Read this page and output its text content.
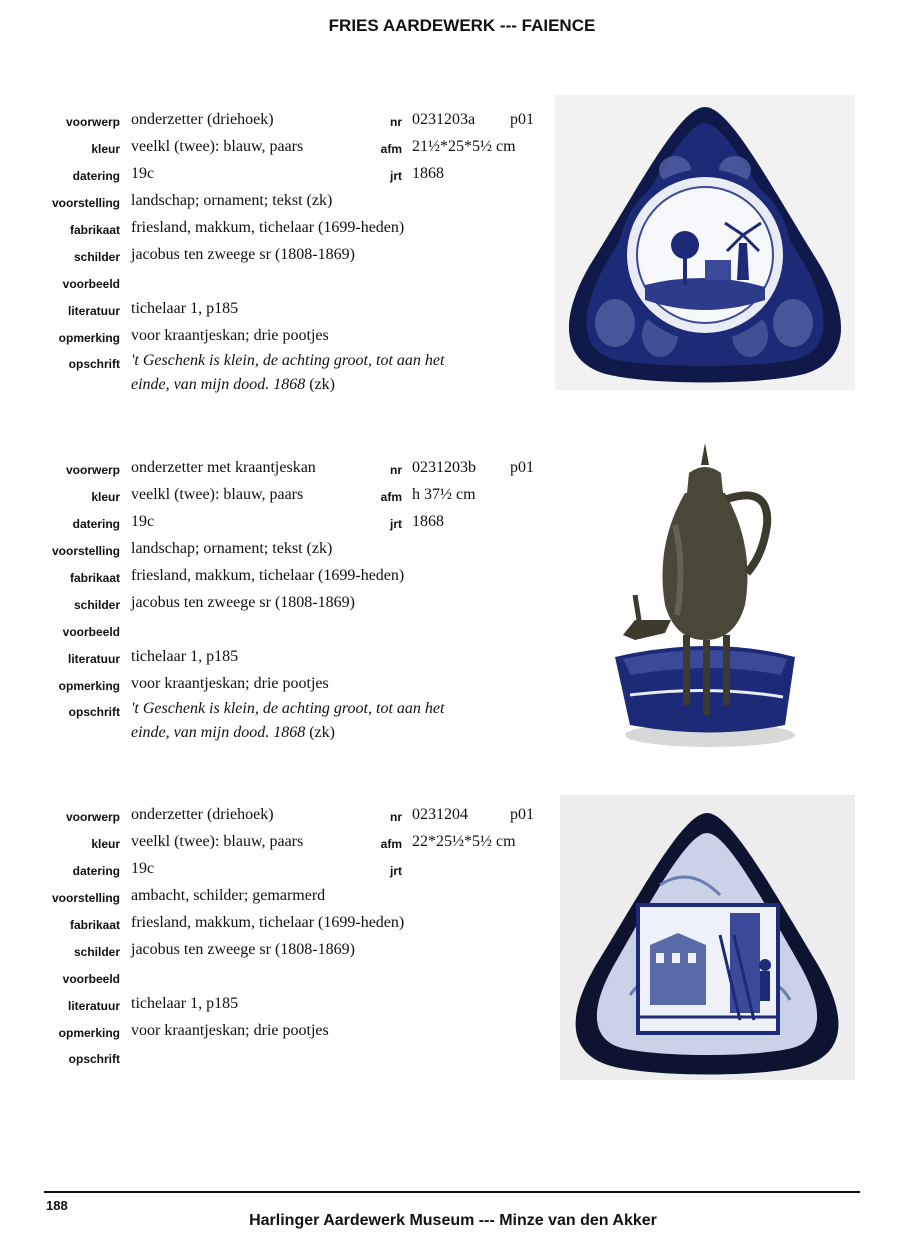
FRIES AARDEWERK --- FAIENCE
voorwerp onderzetter (driehoek)	nr 0231203a p01
kleur veelkl (twee): blauw, paars	afm 21½*25*5½ cm
datering 19c	jrt 1868
voorstelling landschap; ornament; tekst (zk)
fabrikaat friesland, makkum, tichelaar (1699-heden)
schilder jacobus ten zweege sr (1808-1869)
voorbeeld
literatuur tichelaar 1, p185
opmerking voor kraantjeskan; drie pootjes
opschrift 't Geschenk is klein, de achting groot, tot aan het
einde, van mijn dood. 1868 (zk)
voorwerp onderzetter met kraantjeskan	nr 0231203b p01
kleur veelkl (twee): blauw, paars	afm h 37½ cm
datering 19c	jrt 1868
voorstelling landschap; ornament; tekst (zk)
fabrikaat friesland, makkum, tichelaar (1699-heden)
schilder jacobus ten zweege sr (1808-1869)
voorbeeld
literatuur tichelaar 1, p185
opmerking voor kraantjeskan; drie pootjes
opschrift 't Geschenk is klein, de achting groot, tot aan het
einde, van mijn dood. 1868 (zk)
voorwerp onderzetter (driehoek)	nr 0231204	p01
kleur veelkl (twee): blauw, paars	afm 22*25½*5½ cm
datering 19c	jrt
voorstelling ambacht, schilder; gemarmerd
fabrikaat friesland, makkum, tichelaar (1699-heden)
schilder jacobus ten zweege sr (1808-1869)
voorbeeld
literatuur tichelaar 1, p185
opmerking voor kraantjeskan; drie pootjes
opschrift

188
Harlinger Aardewerk Museum --- Minze van den Akker
